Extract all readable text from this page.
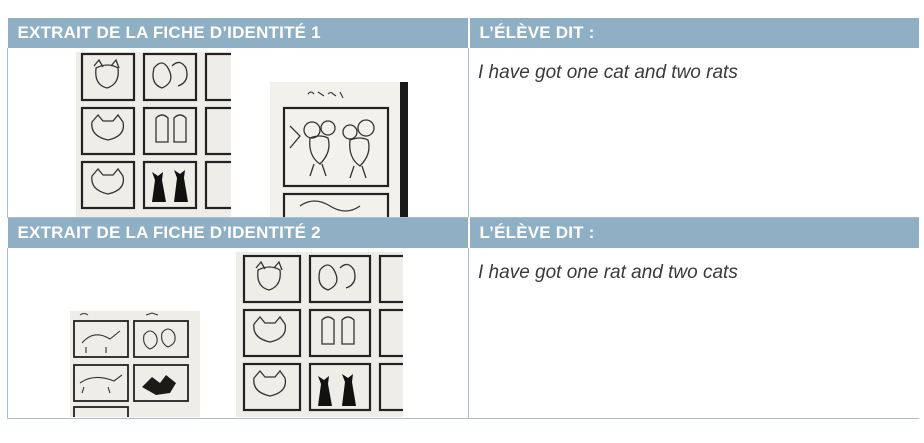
EXTRAIT DE LA FICHE D’IDENTITÉ 1	L’ÉLÈVE DIT :

I have got one cat and two rats

EXTRAIT DE LA FICHE D’IDENTITÉ 2	L’ÉLÈVE DIT :

I have got one rat and two cats
